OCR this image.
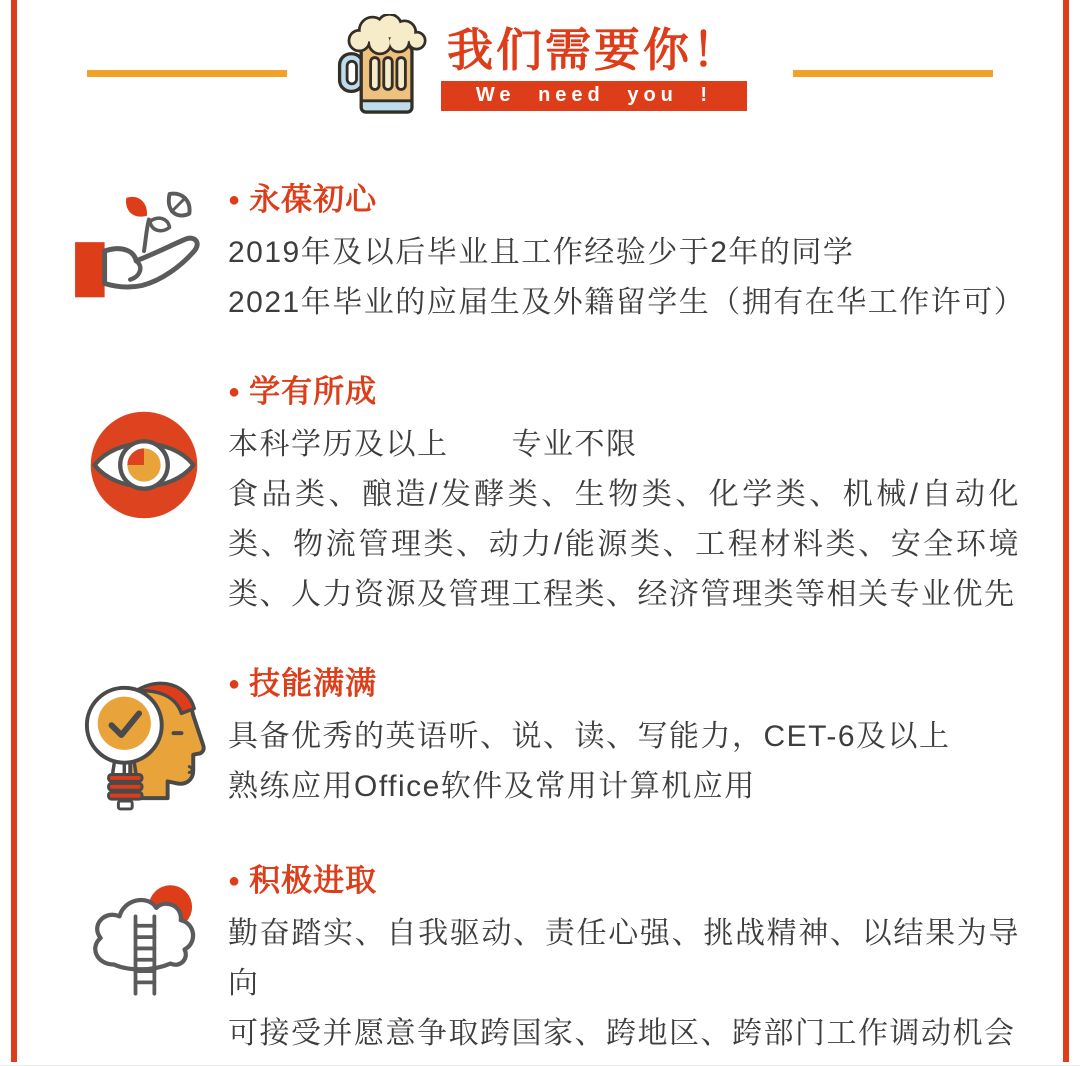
我们需要你！
We need you !
● 永葆初心
2019年及以后毕业且工作经验少于2年的同学
2021年毕业的应届生及外籍留学生（拥有在华工作许可）
● 学有所成
本科学历及以上　　专业不限
食品类、酿造/发酵类、生物类、化学类、机械/自动化类、物流管理类、动力/能源类、工程材料类、安全环境类、人力资源及管理工程类、经济管理类等相关专业优先
● 技能满满
具备优秀的英语听、说、读、写能力，CET-6及以上
熟练应用Office软件及常用计算机应用
● 积极进取
勤奋踏实、自我驱动、责任心强、挑战精神、以结果为导向
可接受并愿意争取跨国家、跨地区、跨部门工作调动机会
